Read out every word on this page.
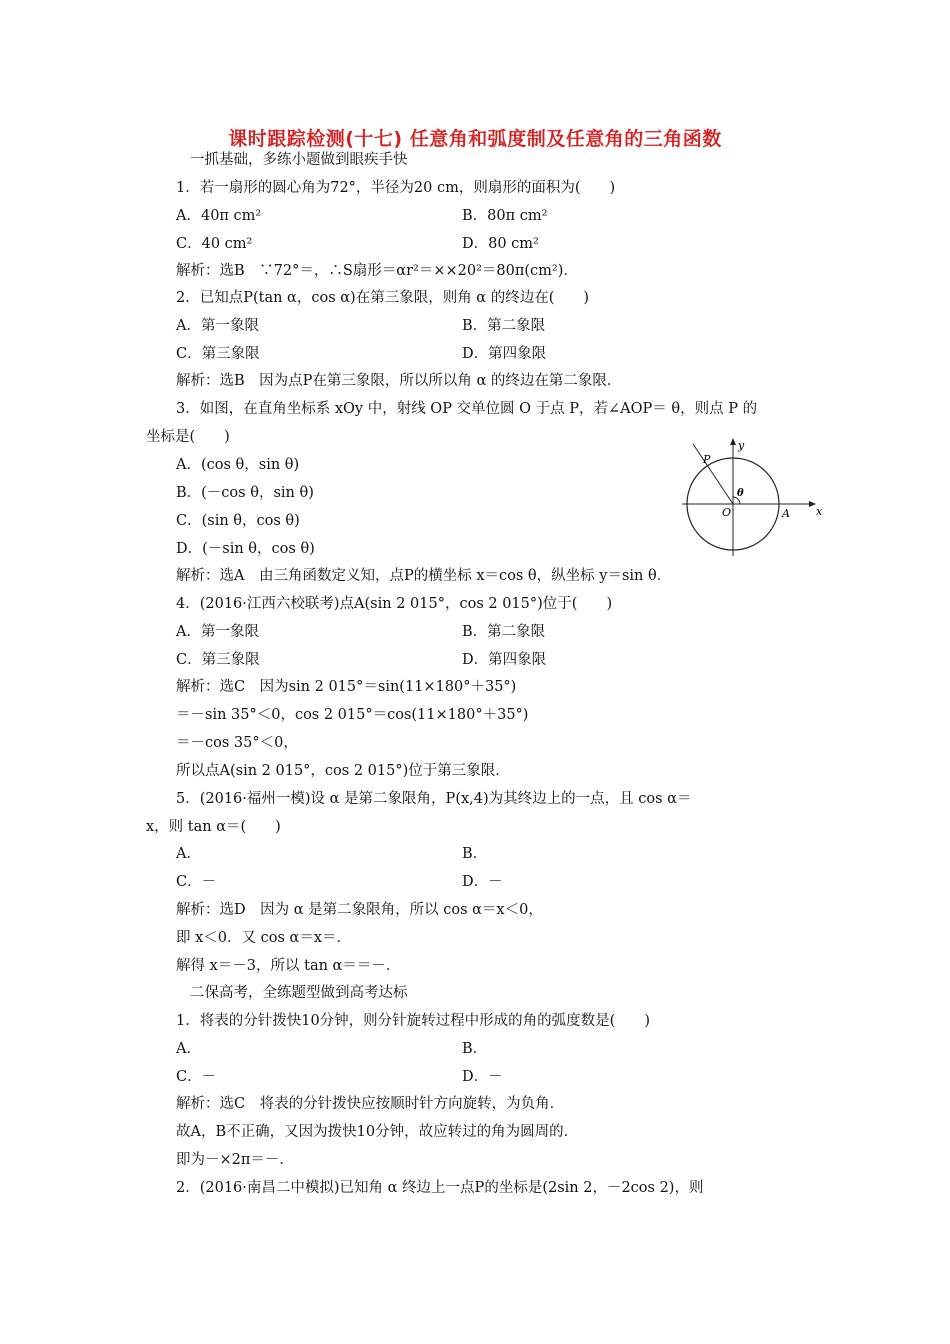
课时跟踪检测(十七) 任意角和弧度制及任意角的三角函数
一抓基础，多练小题做到眼疾手快
1．若一扇形的圆心角为72°，半径为20 cm，则扇形的面积为(　　)
A．40π cm²	B．80π cm²
C．40 cm²	D．80 cm²
解析：选B　∵72°＝，∴S扇形＝αr²＝××20²＝80π(cm²)．
2．已知点P(tan α，cos α)在第三象限，则角 α 的终边在(　　)
A．第一象限	B．第二象限
C．第三象限	D．第四象限
解析：选B　因为点P在第三象限，所以所以角 α 的终边在第二象限．
3．如图，在直角坐标系 xOy 中，射线 OP 交单位圆 O 于点 P，若∠AOP＝ θ，则点 P 的
坐标是(　　)
A．(cos θ，sin θ)
B．(－cos θ，sin θ)
C．(sin θ，cos θ)
D．(－sin θ，cos θ)
解析：选A　由三角函数定义知，点P的横坐标 x＝cos θ，纵坐标 y＝sin θ．
y
x
P
O	A
θ
4．(2016·江西六校联考)点A(sin 2 015°，cos 2 015°)位于(　　)
A．第一象限	B．第二象限
C．第三象限	D．第四象限
解析：选C　因为sin 2 015°＝sin(11×180°＋35°)
＝－sin 35°＜0，cos 2 015°＝cos(11×180°＋35°)
＝－cos 35°＜0，
所以点A(sin 2 015°，cos 2 015°)位于第三象限．
5．(2016·福州一模)设 α 是第二象限角，P(x,4)为其终边上的一点，且 cos α＝
x，则 tan α＝(　　)
A．	B．
C．－	D．－
解析：选D　因为 α 是第二象限角，所以 cos α＝x＜0，
即 x＜0．又 cos α＝x＝．
解得 x＝－3，所以 tan α＝＝－．
二保高考，全练题型做到高考达标
1．将表的分针拨快10分钟，则分针旋转过程中形成的角的弧度数是(　　)
A．	B．
C．－	D．－
解析：选C　将表的分针拨快应按顺时针方向旋转，为负角．
故A，B不正确，又因为拨快10分钟，故应转过的角为圆周的．
即为－×2π＝－．
2．(2016·南昌二中模拟)已知角 α 终边上一点P的坐标是(2sin 2，－2cos 2)，则
